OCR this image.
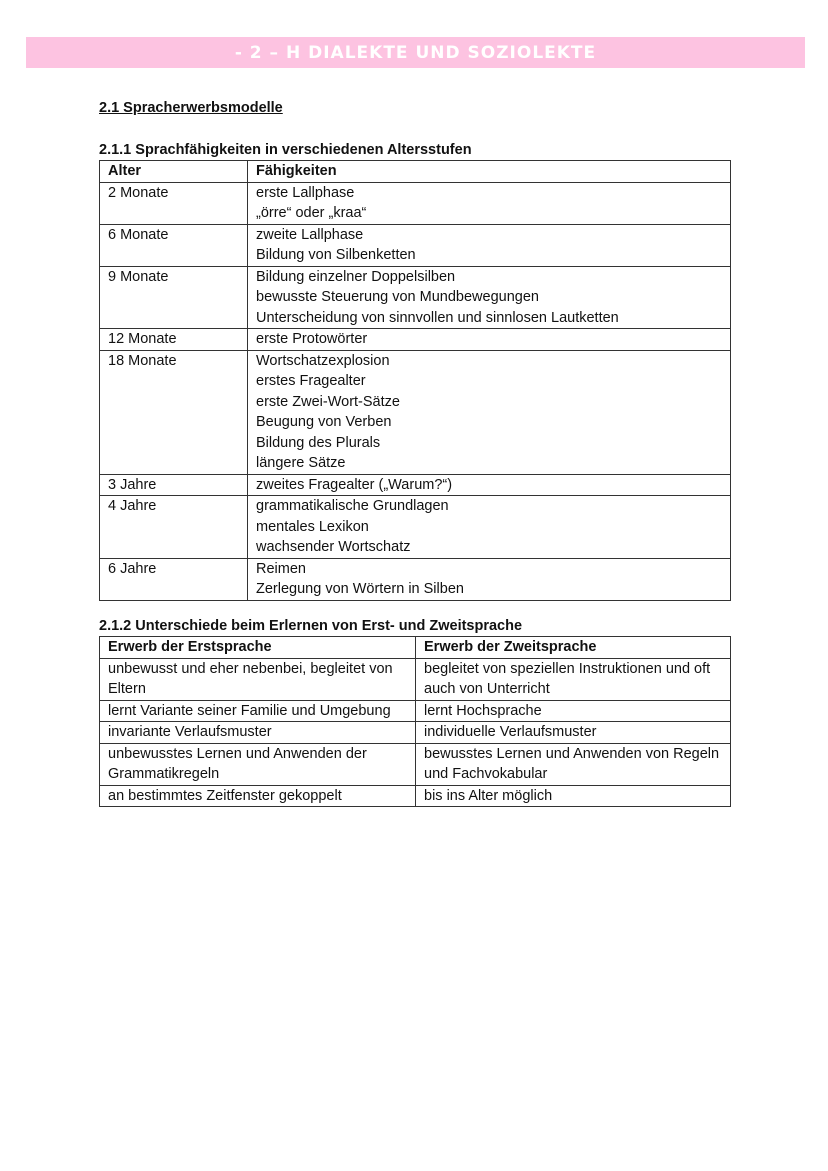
- 2 – H DIALEKTE UND SOZIOLEKTE
2.1 Spracherwerbsmodelle
2.1.1 Sprachfähigkeiten in verschiedenen Altersstufen
Alter	Fähigkeiten
2 Monate	erste Lallphase
„örre“ oder „kraa“

6 Monate	zweite Lallphase
Bildung von Silbenketten

9 Monate	Bildung einzelner Doppelsilben
bewusste Steuerung von Mundbewegungen
Unterscheidung von sinnvollen und sinnlosen Lautketten

12 Monate	erste Protowörter

18 Monate	Wortschatzexplosion
erstes Fragealter
erste Zwei-Wort-Sätze
Beugung von Verben
Bildung des Plurals
längere Sätze

3 Jahre	zweites Fragealter („Warum?“)

4 Jahre	grammatikalische Grundlagen
mentales Lexikon
wachsender Wortschatz

6 Jahre	Reimen
Zerlegung von Wörtern in Silben
2.1.2 Unterschiede beim Erlernen von Erst- und Zweitsprache
Erwerb der Erstsprache	Erwerb der Zweitsprache
unbewusst und eher nebenbei, begleitet von Eltern	begleitet von speziellen Instruktionen und oft auch von Unterricht
lernt Variante seiner Familie und Umgebung	lernt Hochsprache
invariante Verlaufsmuster	individuelle Verlaufsmuster
unbewusstes Lernen und Anwenden der Grammatikregeln	bewusstes Lernen und Anwenden von Regeln und Fachvokabular
an bestimmtes Zeitfenster gekoppelt	bis ins Alter möglich
